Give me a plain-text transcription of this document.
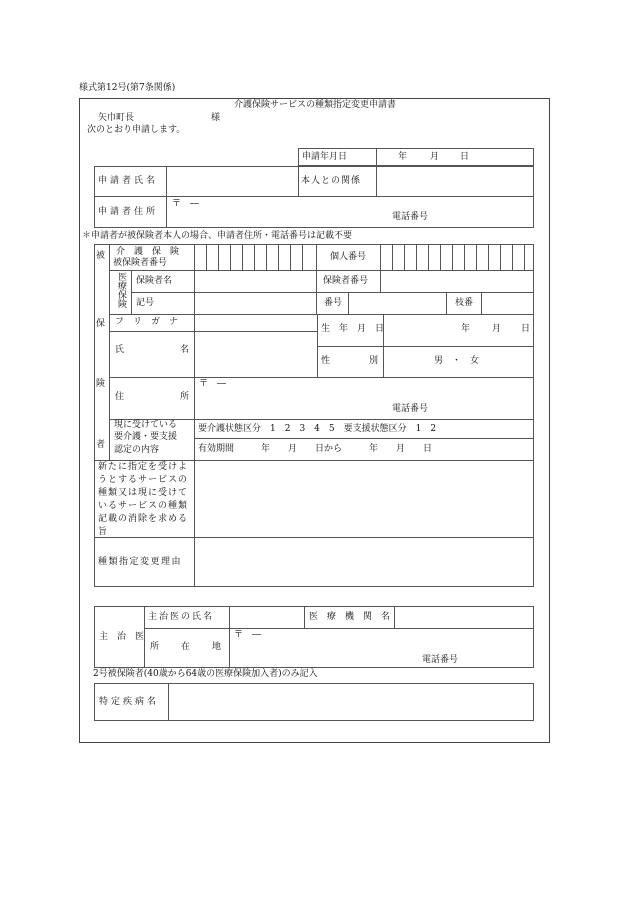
様式第12号(第7条関係)
介護保険サービスの種類指定変更申請書
矢巾町長	様
次のとおり申請します。
申請年月日	年	月 日
申請者氏名	本人との関係
申請者住所
〒　―
電話番号
＊申請者が被保険者本人の場合、申請者住所・電話番号は記載不要
被
保
険
者
介　護　保　険
被保険者番号
個人番号
医療保険 保険者名	保険者番号
記号	番号	枝番
フ　リ　ガ　ナ
氏	名
生　年　月　日	年 月 日
性	別	男　・　女
住	所
〒　―
電話番号
現に受けている
要介護・要支援
認定の内容
要介護状態区分　1　2　3　4　5　要支援状態区分　1　2
有効期間　　　年　　月　　日から　　　年　　月　　日
新たに指定を受けようとするサービスの種類又は現に受けているサービスの種類記載の消除を求める旨
種類指定変更理由
主　治　医
主治医の氏名	医　療　機　関　名
所 在 地
〒　―
電話番号
2号被保険者(40歳から64歳の医療保険加入者)のみ記入
特定疾病名
